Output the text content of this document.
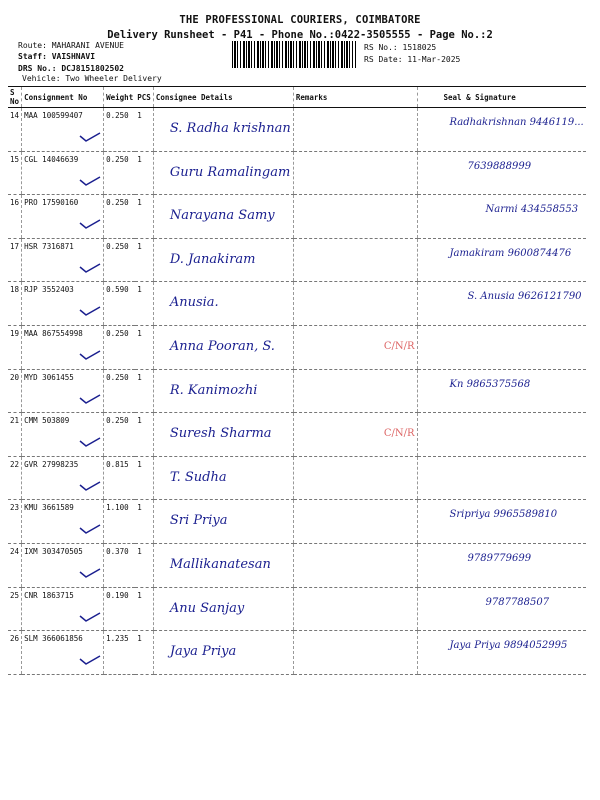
THE PROFESSIONAL COURIERS, COIMBATORE
Delivery Runsheet - P41 - Phone No.:0422-3505555 - Page No.:2
Route: MAHARANI AVENUE
Staff: VAISHNAVI
DRS No.: DCJ8151802502
Vehicle: Two Wheeler Delivery
RS No.: 1518025
RS Date: 11-Mar-2025
S No	Consignment No	Weight	PCS	Consignee Details	Remarks	Seal & Signature
14	MAA 100599407	0.250	1	S. Radha krishnan		Radhakrishnan 9446119...

15	CGL 14046639	0.250	1	Guru Ramalingam		7639888999

16	PRO 17590160	0.250	1	Narayana Samy		Narmi 434558553

17	HSR 7316871	0.250	1	D. Janakiram		Jamakiram 9600874476

18	RJP 3552403	0.590	1	Anusia.		S. Anusia 9626121790

19	MAA 867554998	0.250	1	Anna Pooran, S.	C/N/R	

20	MYD 3061455	0.250	1	R. Kanimozhi		Kn 9865375568

21	CMM 503809	0.250	1	Suresh Sharma	C/N/R	

22	GVR 27998235	0.815	1	T. Sudha		

23	KMU 3661589	1.100	1	Sri Priya		Sripriya 9965589810

24	IXM 303470505	0.370	1	Mallikanatesan		9789779699

25	CNR 1863715	0.190	1	Anu Sanjay		9787788507

26	SLM 366061856	1.235	1	Jaya Priya		Jaya Priya 9894052995
